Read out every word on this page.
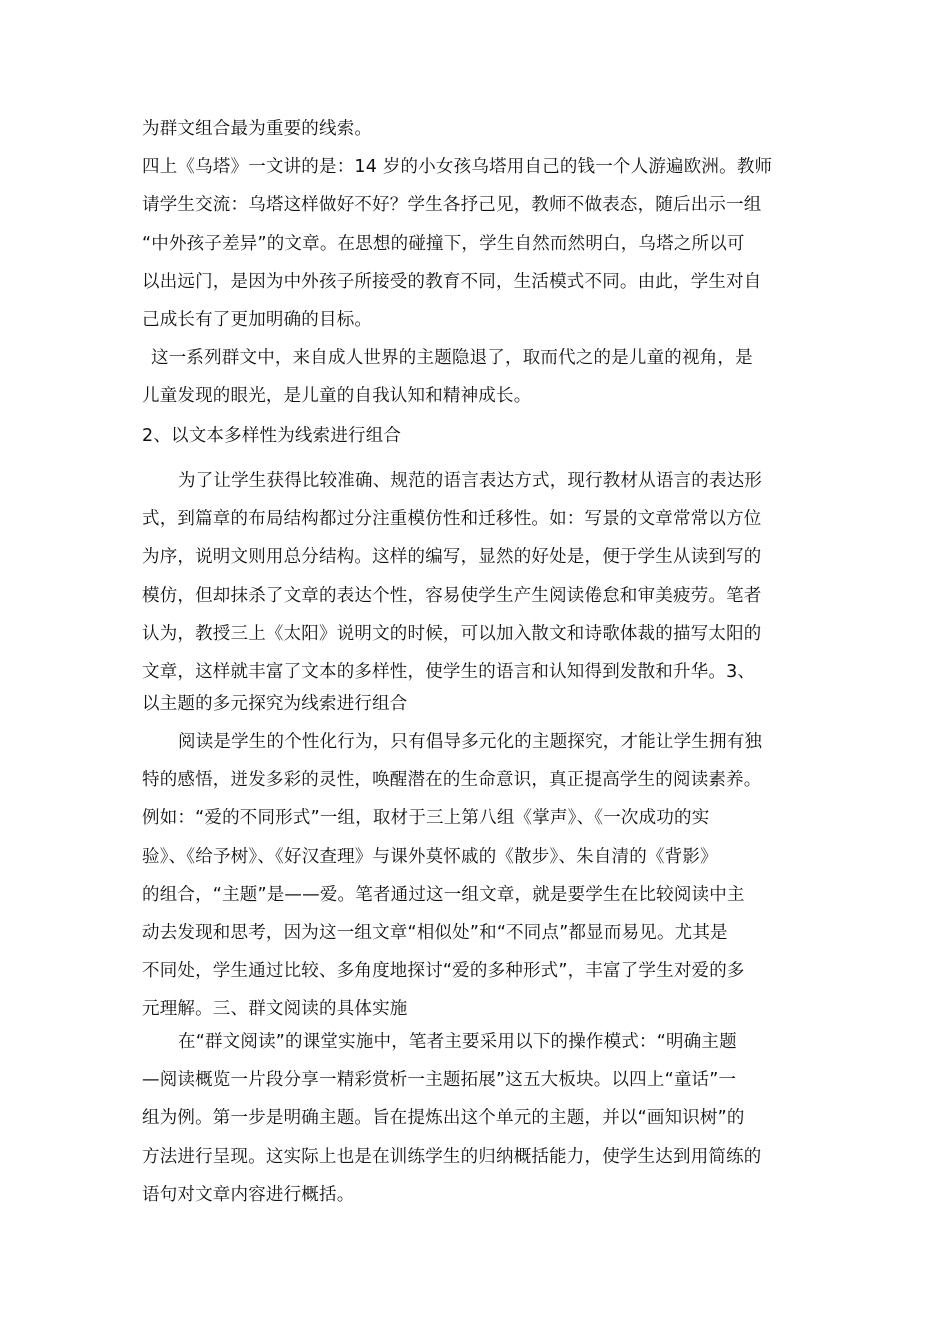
为群文组合最为重要的线索。
四上《乌塔》一文讲的是：14 岁的小女孩乌塔用自己的钱一个人游遍欧洲。教师
请学生交流：乌塔这样做好不好？学生各抒己见，教师不做表态，随后出示一组
“中外孩子差异”的文章。在思想的碰撞下，学生自然而然明白，乌塔之所以可
以出远门，是因为中外孩子所接受的教育不同，生活模式不同。由此，学生对自
己成长有了更加明确的目标。
这一系列群文中，来自成人世界的主题隐退了，取而代之的是儿童的视角，是
儿童发现的眼光，是儿童的自我认知和精神成长。
2、以文本多样性为线索进行组合
为了让学生获得比较准确、规范的语言表达方式，现行教材从语言的表达形
式，到篇章的布局结构都过分注重模仿性和迁移性。如：写景的文章常常以方位
为序，说明文则用总分结构。这样的编写，显然的好处是，便于学生从读到写的
模仿，但却抹杀了文章的表达个性，容易使学生产生阅读倦怠和审美疲劳。笔者
认为，教授三上《太阳》说明文的时候，可以加入散文和诗歌体裁的描写太阳的
文章，这样就丰富了文本的多样性，使学生的语言和认知得到发散和升华。3、
以主题的多元探究为线索进行组合
阅读是学生的个性化行为，只有倡导多元化的主题探究，才能让学生拥有独
特的感悟，迸发多彩的灵性，唤醒潜在的生命意识，真正提高学生的阅读素养。
例如：“爱的不同形式”一组，取材于三上第八组《掌声》、《一次成功的实
验》、《给予树》、《好汉查理》与课外莫怀戚的《散步》、朱自清的《背影》
的组合，“主题”是——爱。笔者通过这一组文章，就是要学生在比较阅读中主
动去发现和思考，因为这一组文章“相似处”和“不同点”都显而易见。尤其是
不同处，学生通过比较、多角度地探讨“爱的多种形式”，丰富了学生对爱的多
元理解。三、群文阅读的具体实施
在“群文阅读”的课堂实施中，笔者主要采用以下的操作模式：“明确主题
—阅读概览一片段分享一精彩赏析一主题拓展”这五大板块。以四上“童话”一
组为例。第一步是明确主题。旨在提炼出这个单元的主题，并以“画知识树”的
方法进行呈现。这实际上也是在训练学生的归纳概括能力，使学生达到用简练的
语句对文章内容进行概括。
